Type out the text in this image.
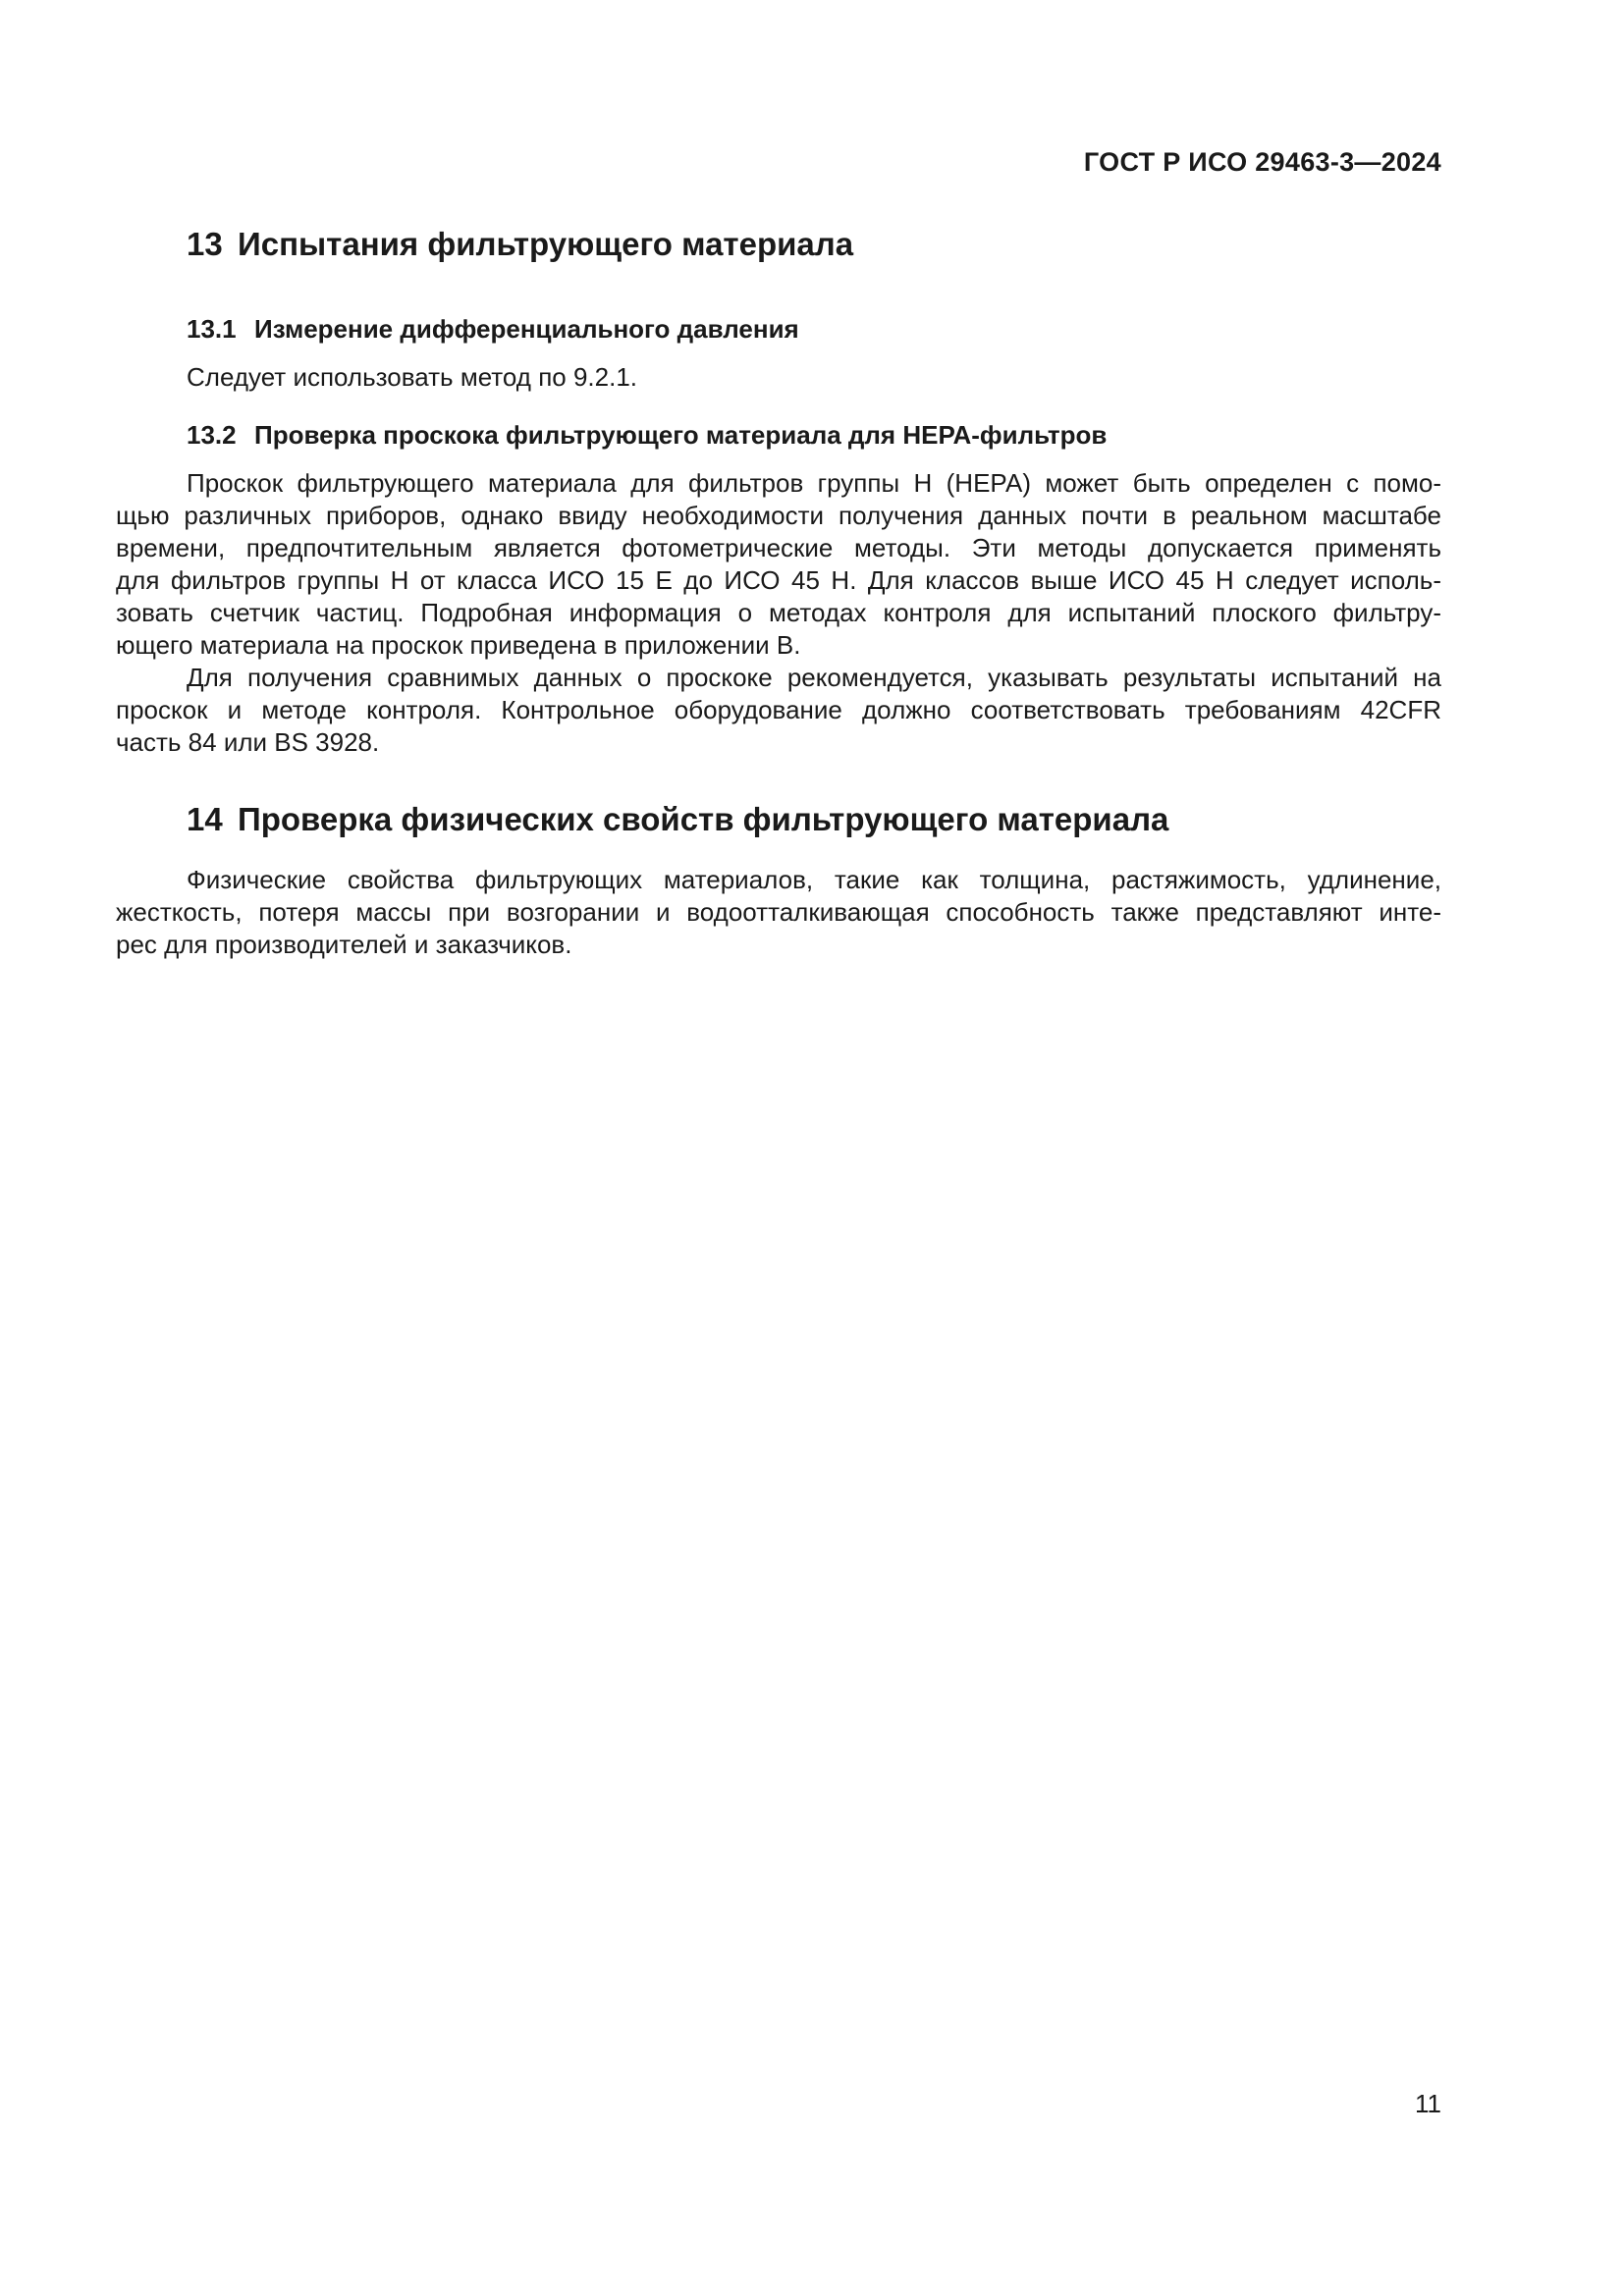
ГОСТ Р ИСО 29463-3—2024
13 Испытания фильтрующего материала
13.1 Измерение дифференциального давления
Следует использовать метод по 9.2.1.
13.2 Проверка проскока фильтрующего материала для НЕРА-фильтров
Проскок фильтрующего материала для фильтров группы Н (НЕРА) может быть определен с помо-
щью различных приборов, однако ввиду необходимости получения данных почти в реальном масштабе
времени, предпочтительным является фотометрические методы. Эти методы допускается применять
для фильтров группы Н от класса ИСО 15 Е до ИСО 45 Н. Для классов выше ИСО 45 Н следует исполь-
зовать счетчик частиц. Подробная информация о методах контроля для испытаний плоского фильтру-
ющего материала на проскок приведена в приложении В.
Для получения сравнимых данных о проскоке рекомендуется, указывать результаты испытаний на
проскок и методе контроля. Контрольное оборудование должно соответствовать требованиям 42CFR
часть 84 или BS 3928.
14 Проверка физических свойств фильтрующего материала
Физические свойства фильтрующих материалов, такие как толщина, растяжимость, удлинение,
жесткость, потеря массы при возгорании и водоотталкивающая способность также представляют инте-
рес для производителей и заказчиков.
11
